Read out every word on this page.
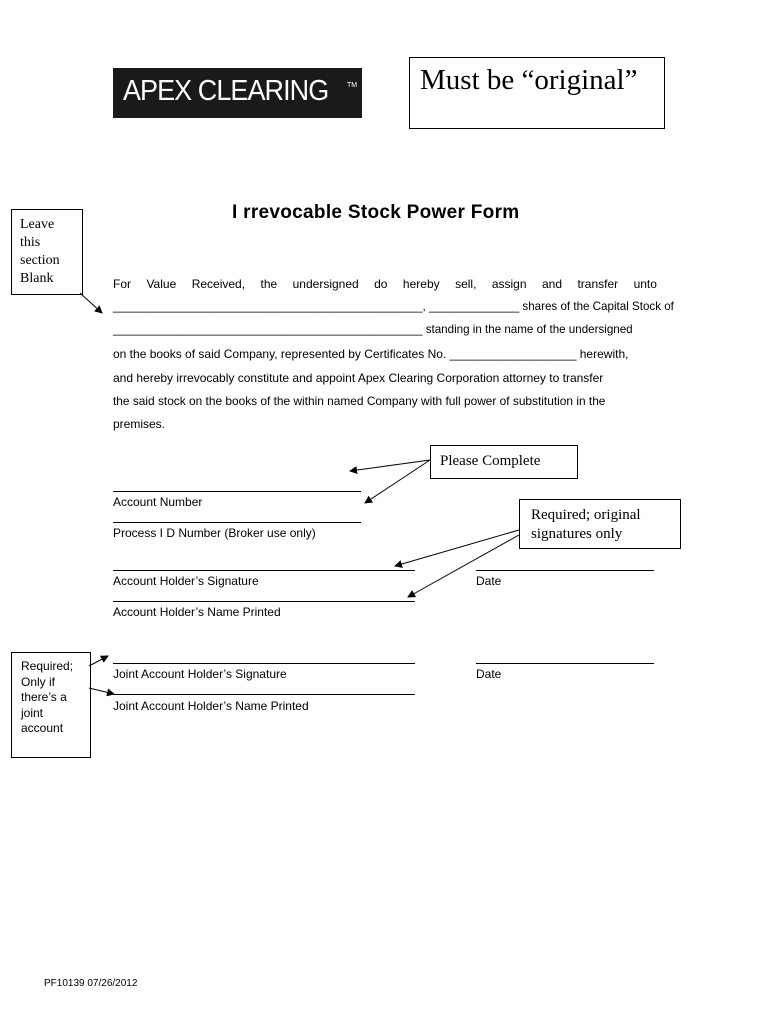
APEX CLEARING	TM Must be “original”
Leave
this
section
Blank
I rrevocable Stock Power Form
For Value Received, the undersigned do hereby sell, assign and transfer unto
________________________________________________, ______________ shares of the Capital Stock of
________________________________________________ standing in the name of the undersigned
on the books of said Company, represented by Certificates No. ___________________ herewith,
and hereby irrevocably constitute and appoint Apex Clearing Corporation attorney to transfer
the said stock on the books of the within named Company with full power of substitution in the
premises.
Please Complete
Required; original
signatures only
Account Number
Process I D Number (Broker use only)
Account Holder’s Signature	Date
Account Holder’s Name Printed
Required;
Only if
there’s a
joint
account
Joint Account Holder’s Signature	Date
Joint Account Holder’s Name Printed
PF10139 07/26/2012
